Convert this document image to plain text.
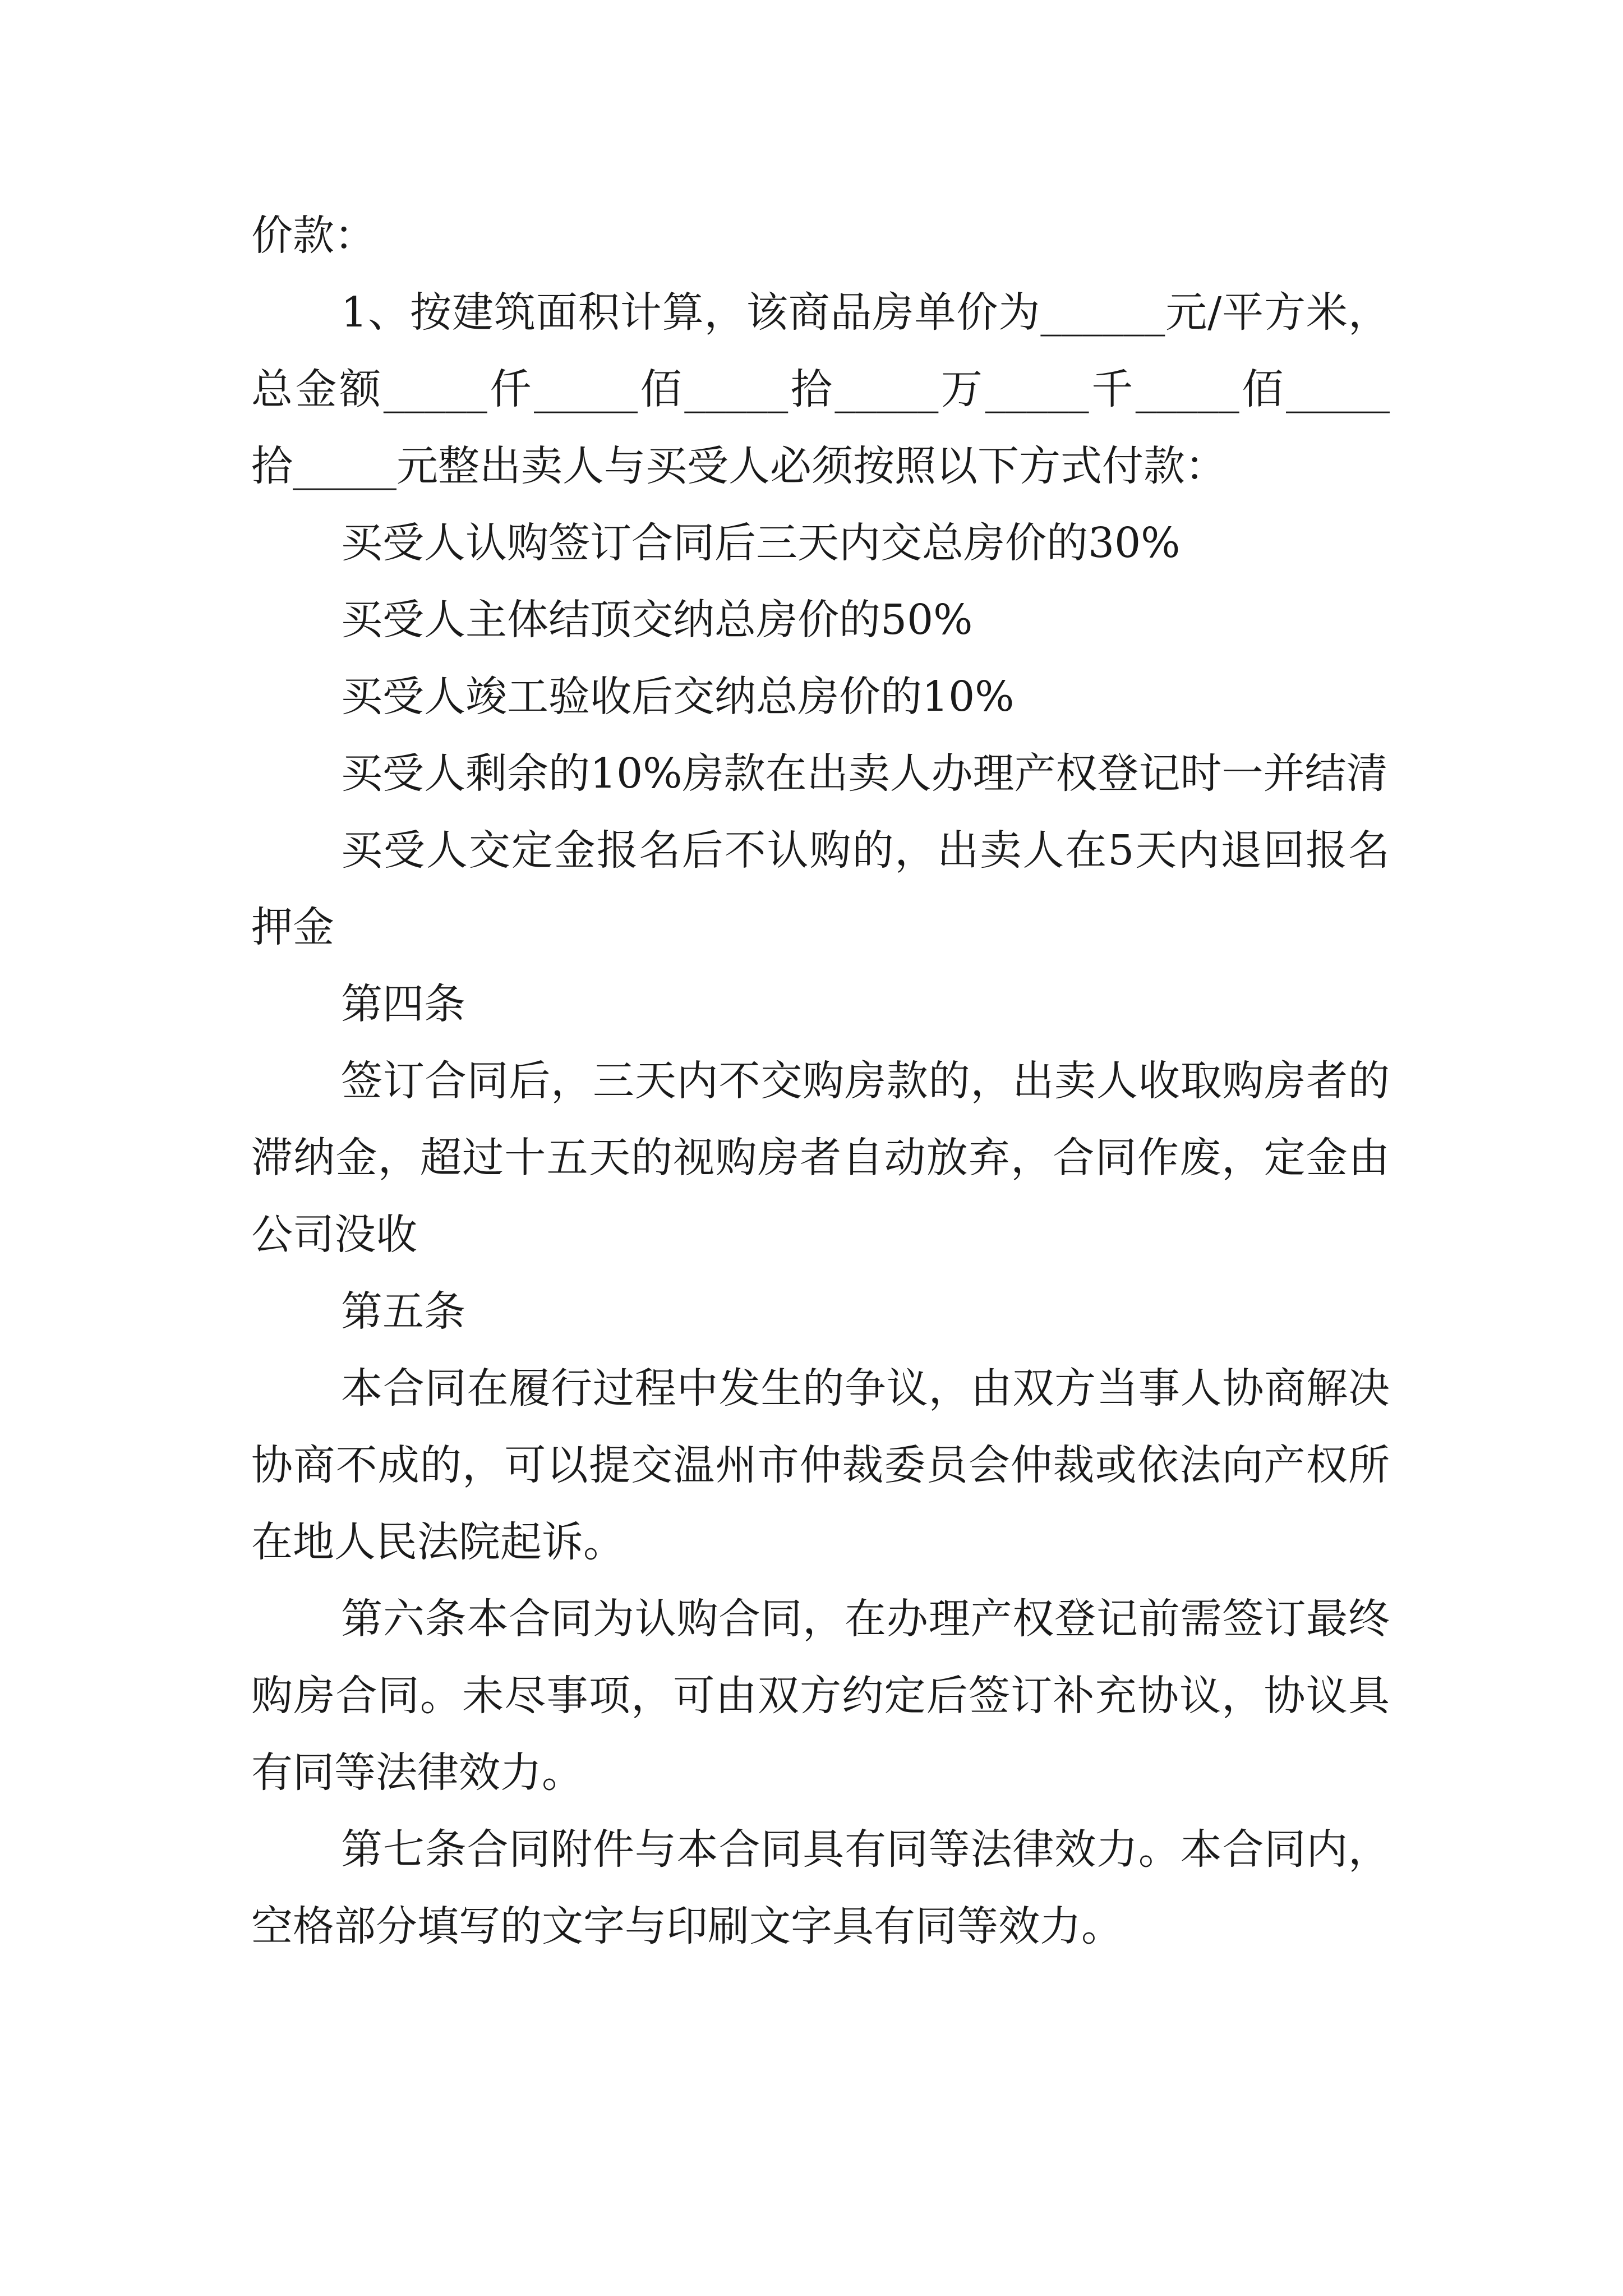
价款：

1、按建筑面积计算，该商品房单价为______元/平方米，总金额_____仟_____佰_____拾_____万_____千_____佰_____拾_____元整出卖人与买受人必须按照以下方式付款：

买受人认购签订合同后三天内交总房价的30%

买受人主体结顶交纳总房价的50%

买受人竣工验收后交纳总房价的10%

买受人剩余的10%房款在出卖人办理产权登记时一并结清

买受人交定金报名后不认购的，出卖人在5天内退回报名押金

第四条

签订合同后，三天内不交购房款的，出卖人收取购房者的滞纳金，超过十五天的视购房者自动放弃，合同作废，定金由公司没收

第五条

本合同在履行过程中发生的争议，由双方当事人协商解决协商不成的，可以提交温州市仲裁委员会仲裁或依法向产权所在地人民法院起诉。

第六条本合同为认购合同，在办理产权登记前需签订最终购房合同。未尽事项，可由双方约定后签订补充协议，协议具有同等法律效力。

第七条合同附件与本合同具有同等法律效力。本合同内，空格部分填写的文字与印刷文字具有同等效力。
